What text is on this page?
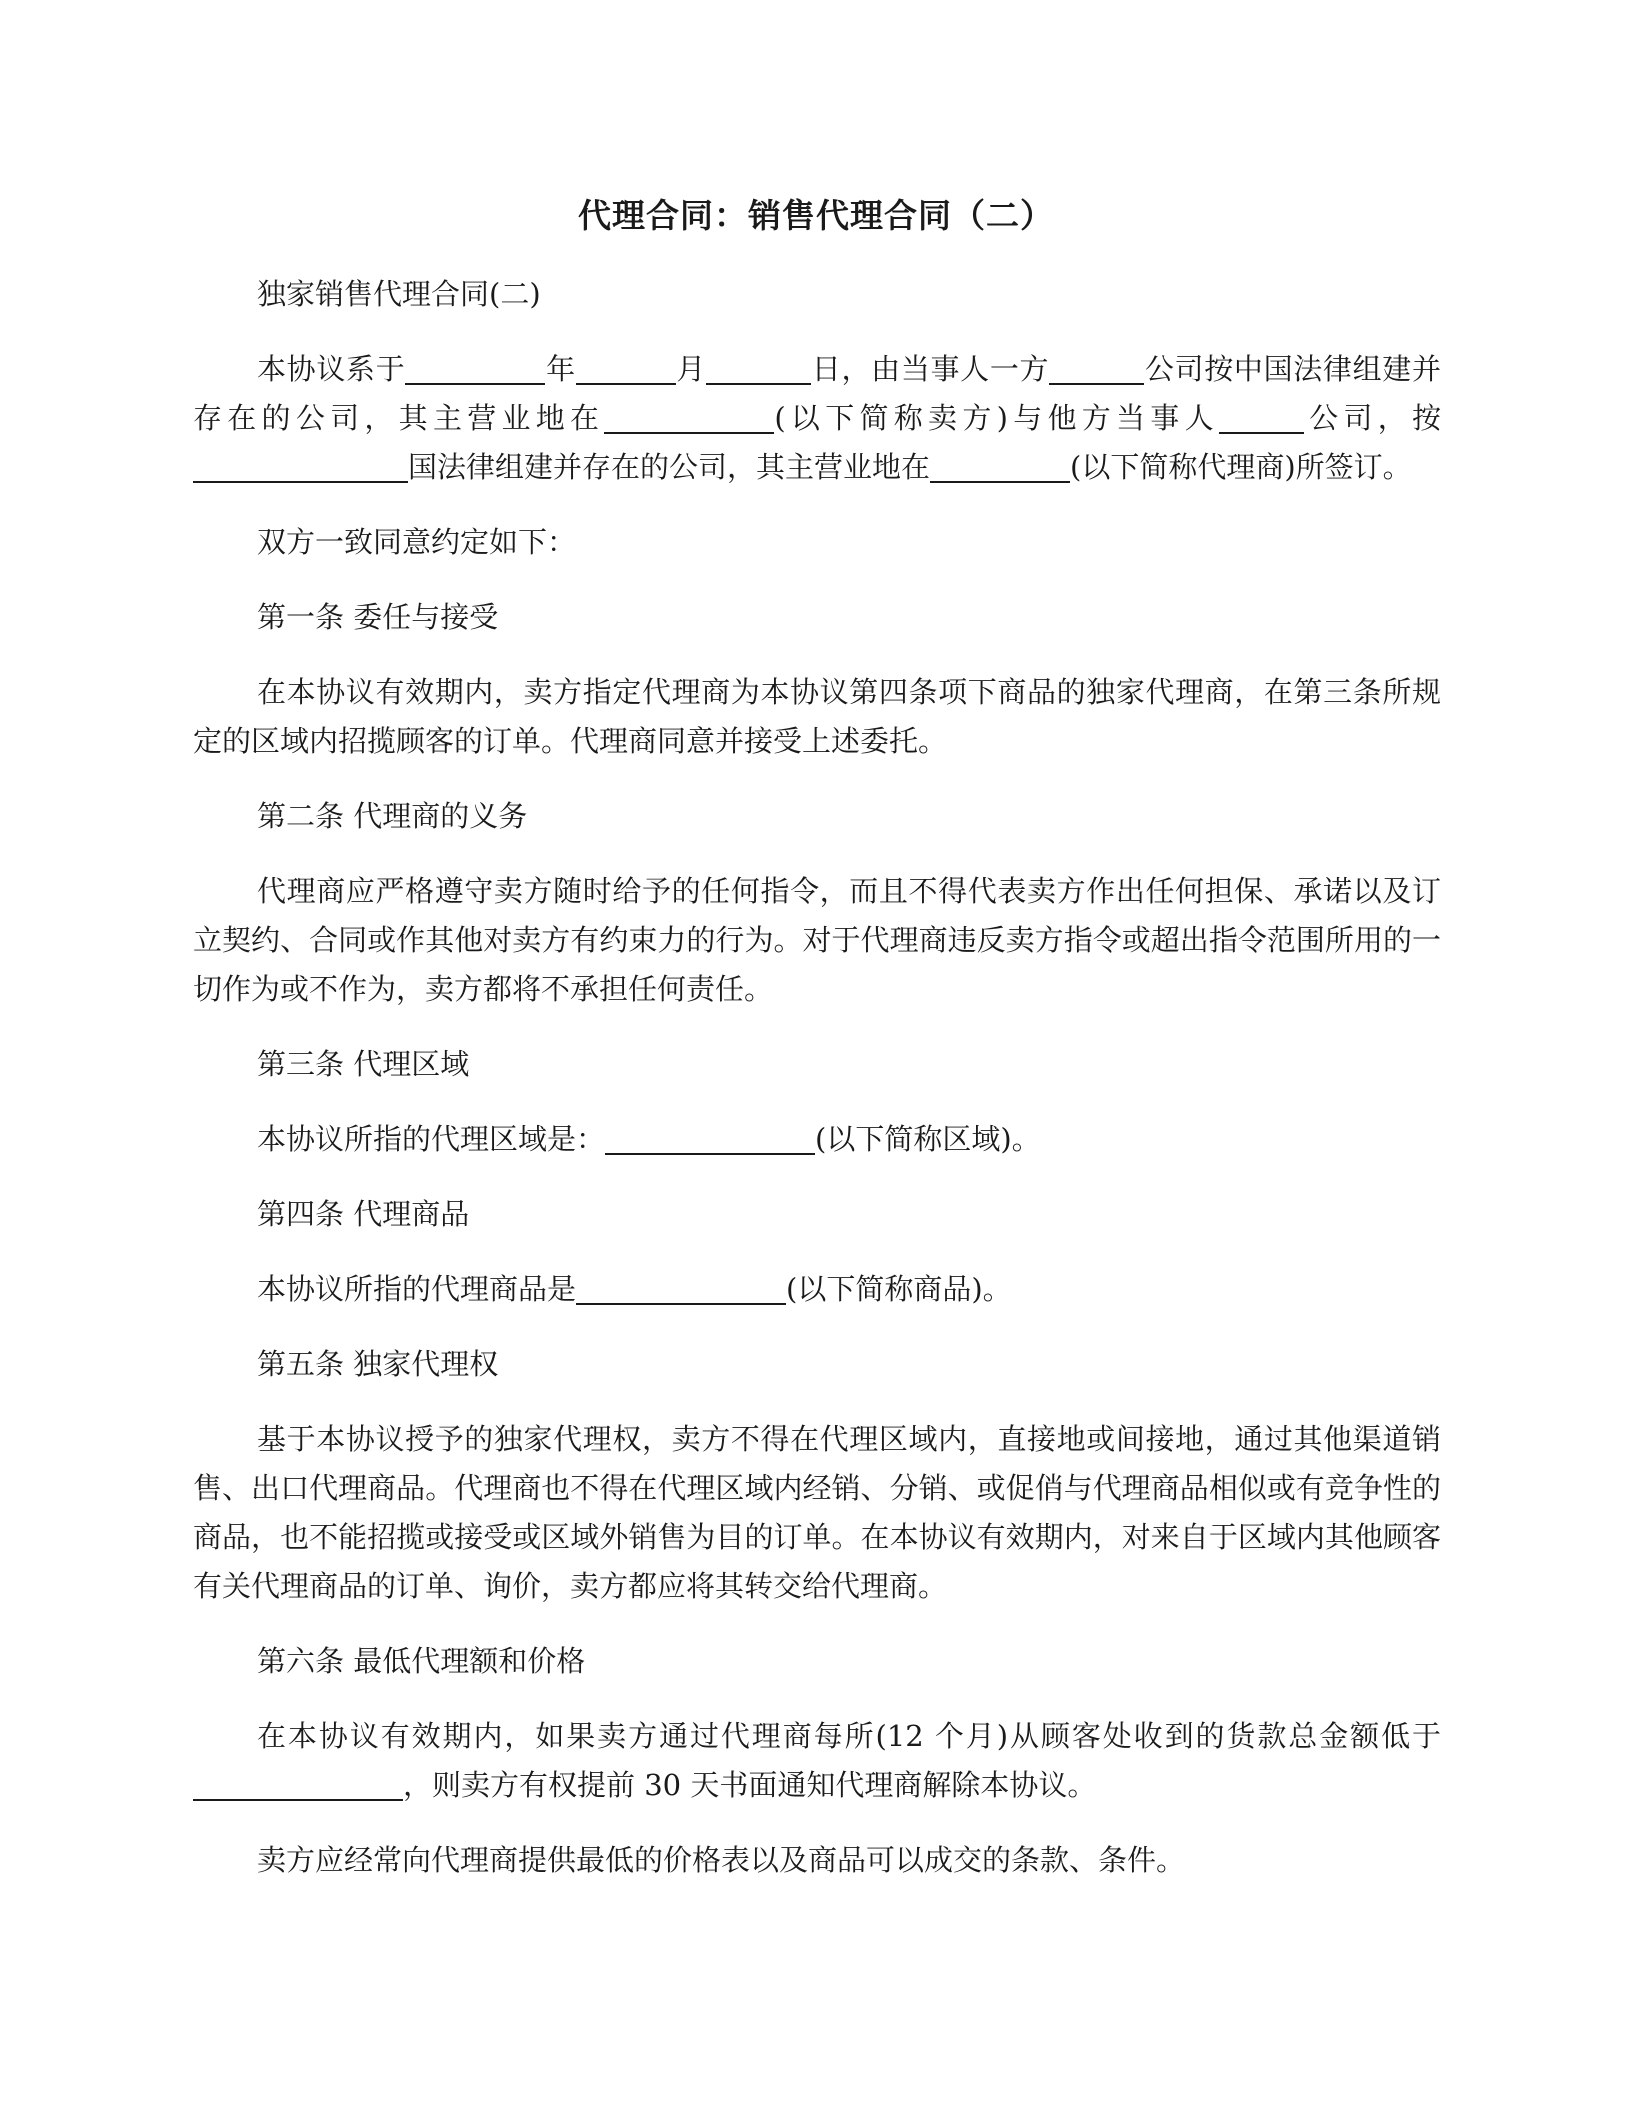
代理合同：销售代理合同（二）

独家销售代理合同(二)

本协议系于	年	月	日，由当事人一方	公司按中国法律组建并存在的公司，其主营业地在	(以下简称卖方)与他方当事人	公司，按国法律组建并存在的公司，其主营业地在	(以下简称代理商)所签订。

双方一致同意约定如下：

第一条 委任与接受

在本协议有效期内，卖方指定代理商为本协议第四条项下商品的独家代理商，在第三条所规定的区域内招揽顾客的订单。代理商同意并接受上述委托。

第二条 代理商的义务

代理商应严格遵守卖方随时给予的任何指令，而且不得代表卖方作出任何担保、承诺以及订立契约、合同或作其他对卖方有约束力的行为。对于代理商违反卖方指令或超出指令范围所用的一切作为或不作为，卖方都将不承担任何责任。

第三条 代理区域

本协议所指的代理区域是：	(以下简称区域)。

第四条 代理商品

本协议所指的代理商品是	(以下简称商品)。

第五条 独家代理权

基于本协议授予的独家代理权，卖方不得在代理区域内，直接地或间接地，通过其他渠道销售、出口代理商品。代理商也不得在代理区域内经销、分销、或促俏与代理商品相似或有竞争性的商品，也不能招揽或接受或区域外销售为目的订单。在本协议有效期内，对来自于区域内其他顾客有关代理商品的订单、询价，卖方都应将其转交给代理商。

第六条 最低代理额和价格

在本协议有效期内，如果卖方通过代理商每所(12 个月)从顾客处收到的货款总金额低于，则卖方有权提前 30 天书面通知代理商解除本协议。

卖方应经常向代理商提供最低的价格表以及商品可以成交的条款、条件。
